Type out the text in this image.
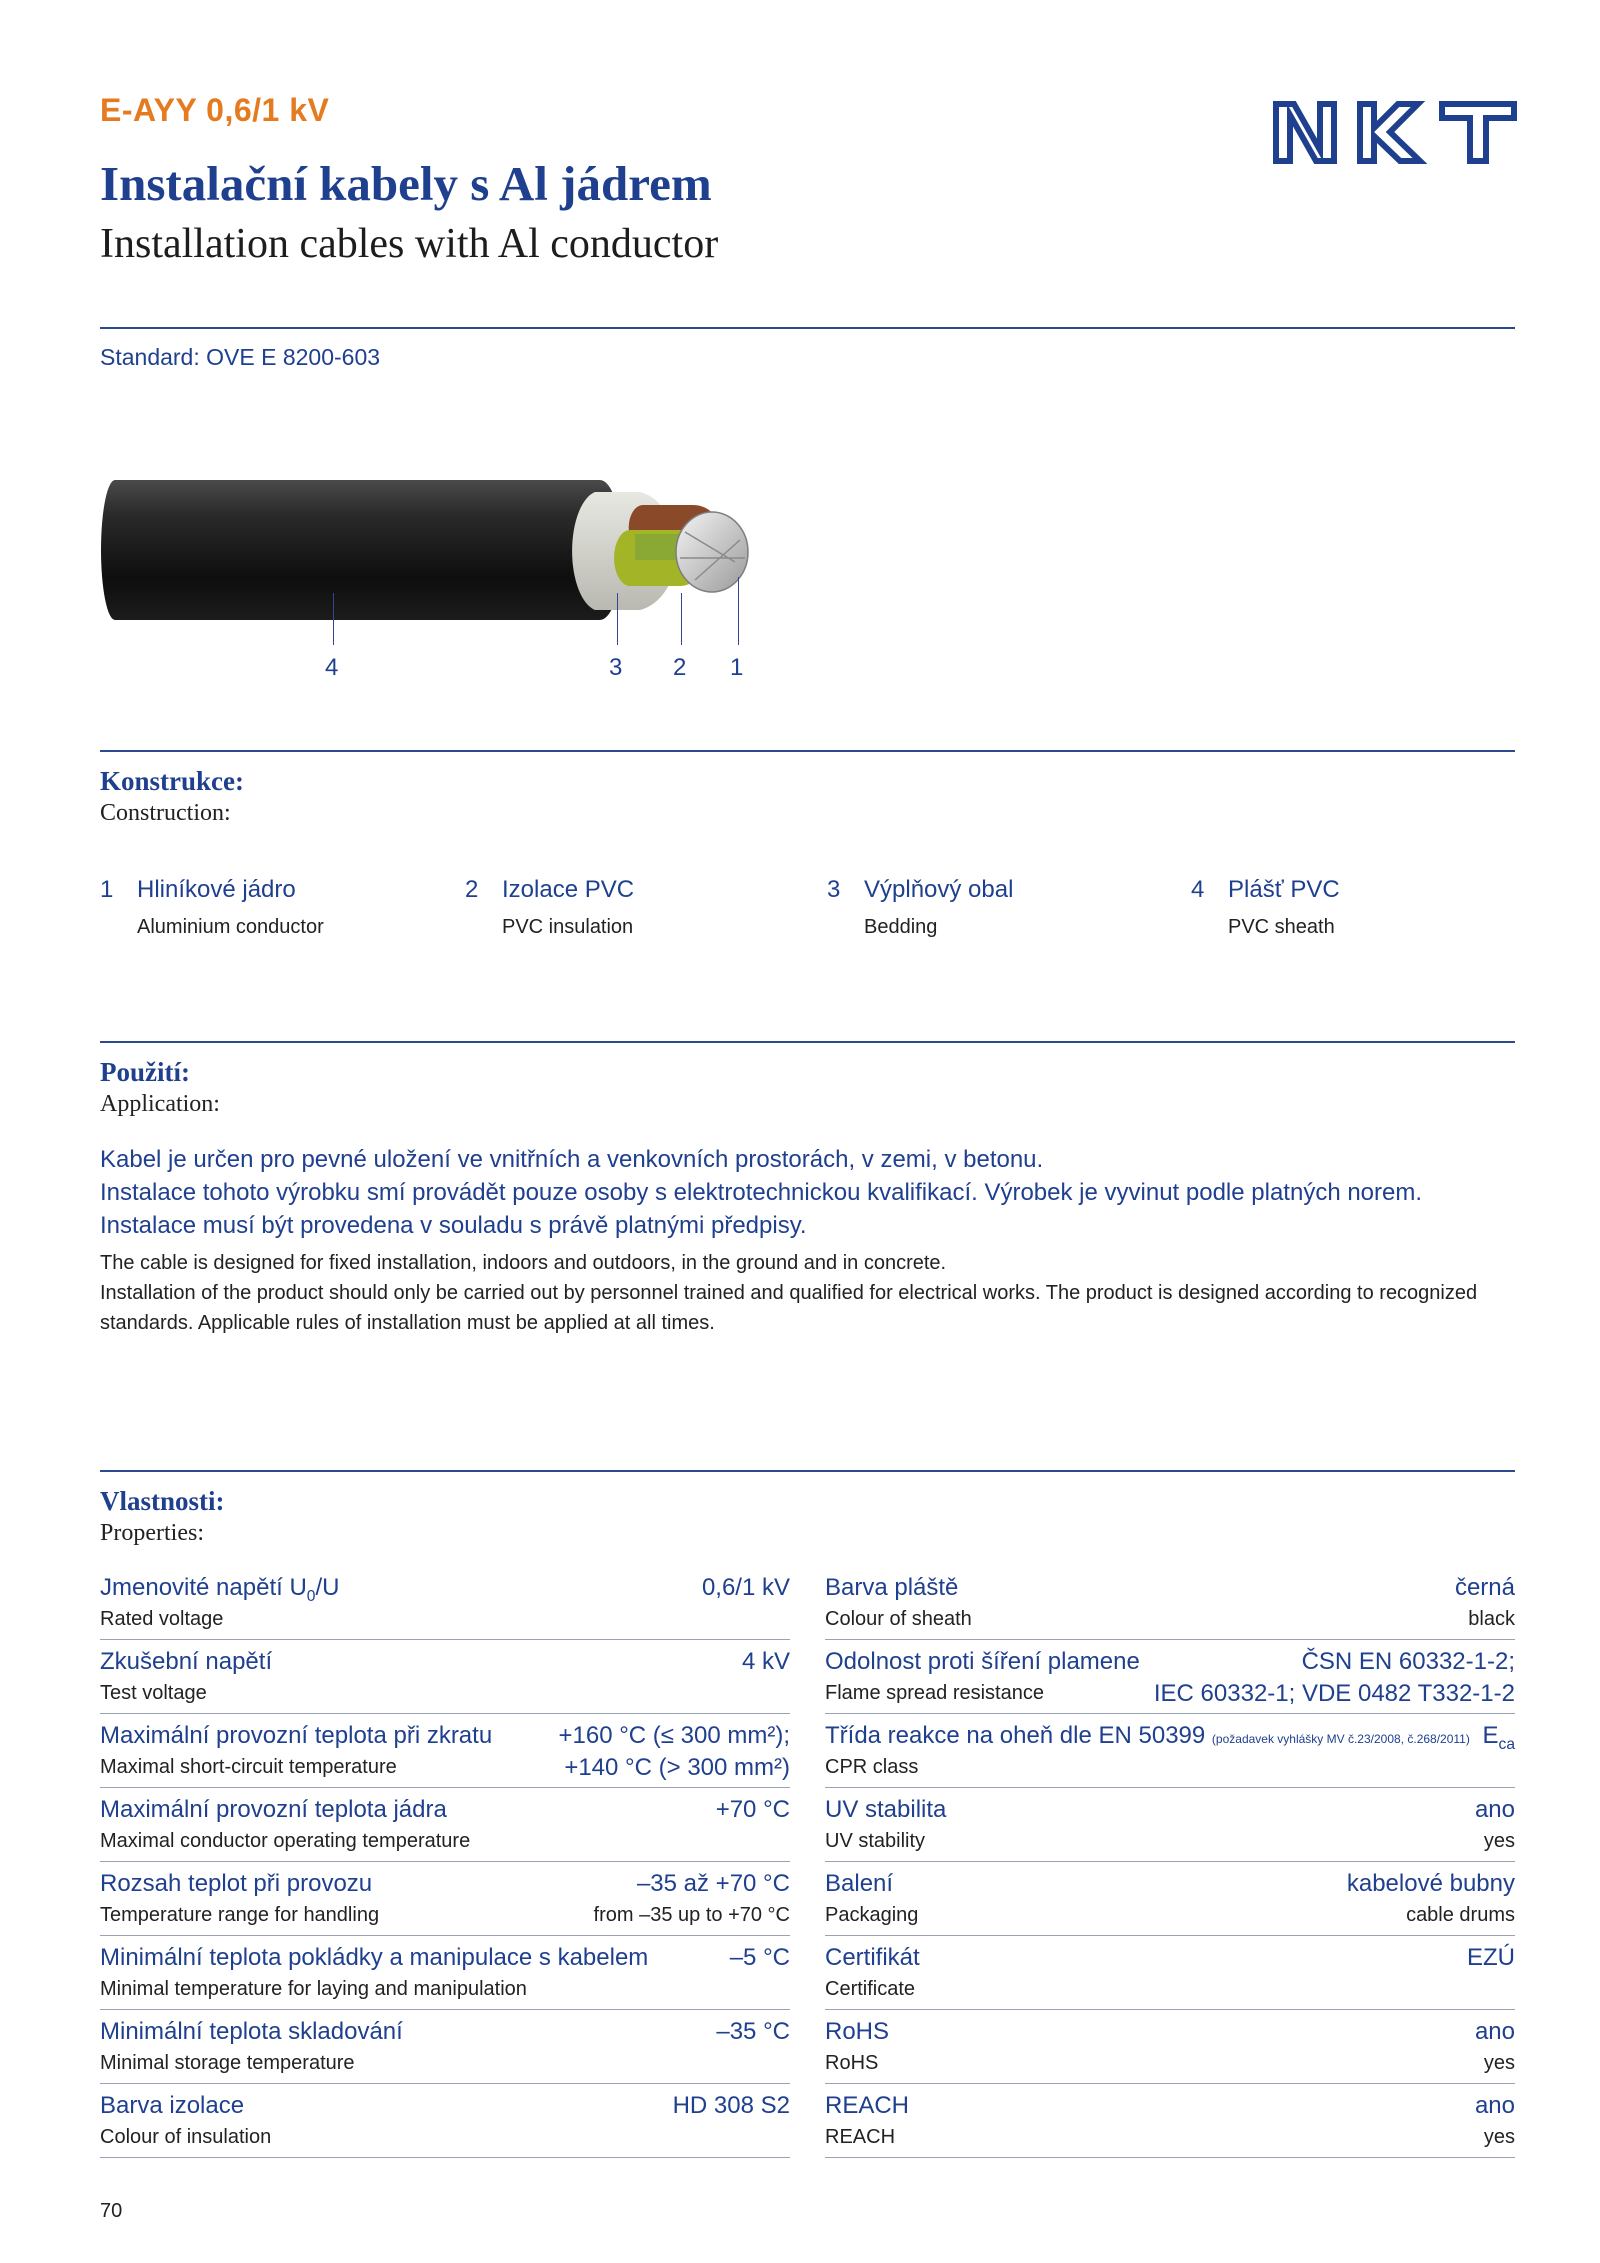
E-AYY 0,6/1 kV
Instalační kabely s Al jádrem
Installation cables with Al conductor
Standard: OVE E 8200-603
4	3 2 1
Konstrukce:
Construction:
1 Hliníkové jádro
Aluminium conductor
2 Izolace PVC
PVC insulation
3 Výplňový obal
Bedding
4 Plášť PVC
PVC sheath
Použití:
Application:

Kabel je určen pro pevné uložení ve vnitřních a venkovních prostorách, v zemi, v betonu.

Instalace tohoto výrobku smí provádět pouze osoby s elektrotechnickou kvalifikací. Výrobek je vyvinut podle platných norem.

Instalace musí být provedena v souladu s právě platnými předpisy.

The cable is designed for fixed installation, indoors and outdoors, in the ground and in concrete.

Installation of the product should only be carried out by personnel trained and qualified for electrical works. The product is designed according to recognized standards. Applicable rules of installation must be applied at all times.

Vlastnosti:
Properties:
Jmenovité napětí $U_0/U$
Rated voltage
0,6/1 kV
Zkušební napětí
Test voltage
4 kV
Maximální provozní teplota při zkratu
Maximal short-circuit temperature
+160 °C (≤ 300 mm²);
+140 °C (> 300 mm²)
Maximální provozní teplota jádra
Maximal conductor operating temperature
+70 °C
Rozsah teplot při provozu
Temperature range for handling
–35 až +70 °C
from –35 up to +70 °C
Minimální teplota pokládky a manipulace s kabelem
Minimal temperature for laying and manipulation
–5 °C
Minimální teplota skladování
Minimal storage temperature
–35 °C
Barva izolace
Colour of insulation
HD 308 S2
Barva pláště
Colour of sheath
černá
black
Odolnost proti šíření plamene
Flame spread resistance
ČSN EN 60332-1-2;
IEC 60332-1; VDE 0482 T332-1-2
Třída reakce na oheň dle EN 50399 (požadavek vyhlášky MV č.23/2008, č.268/2011)
CPR class
$E_{ca}$
UV stabilita
UV stability
ano
yes
Balení
Packaging
kabelové bubny
cable drums
Certifikát
Certificate
EZÚ
RoHS
RoHS
ano
yes
REACH
REACH
ano
yes
70
